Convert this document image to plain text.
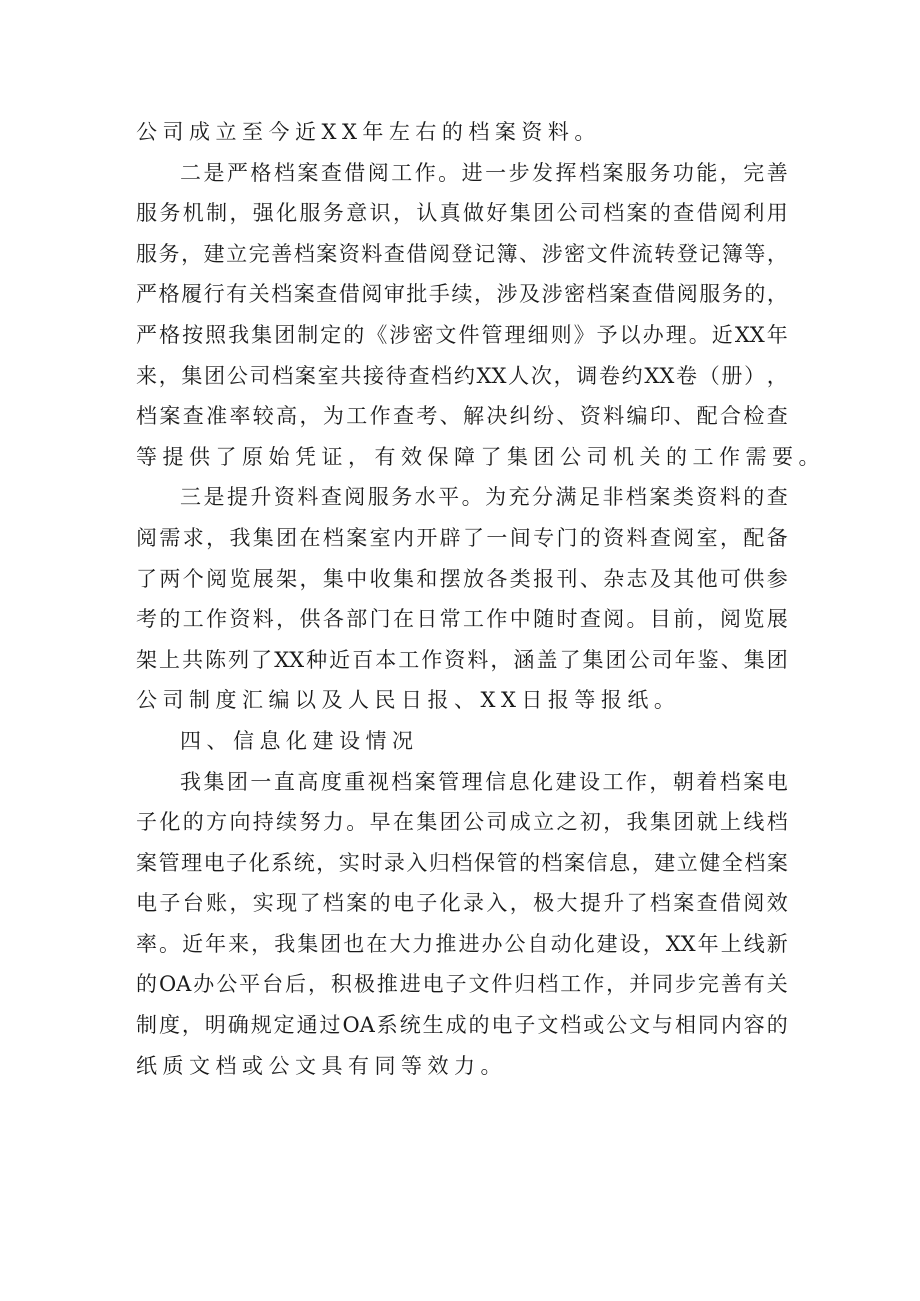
公司成立至今近XX年左右的档案资料。
二 是 严 格 档 案 查 借 阅 工 作 。 进 一 步 发 挥 档 案 服 务 功 能 ， 完 善
服 务 机 制 ， 强 化 服 务 意 识 ， 认 真 做 好 集 团 公 司 档 案 的 查 借 阅 利 用
服 务 ， 建 立 完 善 档 案 资 料 查 借 阅 登 记 簿 、 涉 密 文 件 流 转 登 记 簿 等 ，
严 格 履 行 有 关 档 案 查 借 阅 审 批 手 续 ， 涉 及 涉 密 档 案 查 借 阅 服 务 的 ，
严 格 按 照 我 集 团 制 定 的 《 涉 密 文 件 管 理 细 则 》 予 以 办 理 。 近 XX 年
来 ， 集 团 公 司 档 案 室 共 接 待 查 档 约 XX 人 次 ， 调 卷 约 XX 卷 （ 册 ） ，
档 案 查 准 率 较 高 ， 为 工 作 查 考 、 解 决 纠 纷 、 资 料 编 印 、 配 合 检 查
等提供了原始凭证，有效保障了集团公司机关的工作需要。
三 是 提 升 资 料 查 阅 服 务 水 平 。 为 充 分 满 足 非 档 案 类 资 料 的 查
阅 需 求 ， 我 集 团 在 档 案 室 内 开 辟 了 一 间 专 门 的 资 料 查 阅 室 ， 配 备
了 两 个 阅 览 展 架 ， 集 中 收 集 和 摆 放 各 类 报 刊 、 杂 志 及 其 他 可 供 参
考 的 工 作 资 料 ， 供 各 部 门 在 日 常 工 作 中 随 时 查 阅 。 目 前 ， 阅 览 展
架 上 共 陈 列 了 XX 种 近 百 本 工 作 资 料 ， 涵 盖 了 集 团 公 司 年 鉴 、 集 团
公司制度汇编以及人民日报、XX日报等报纸。
四、信息化建设情况
我 集 团 一 直 高 度 重 视 档 案 管 理 信 息 化 建 设 工 作 ， 朝 着 档 案 电
子 化 的 方 向 持 续 努 力 。 早 在 集 团 公 司 成 立 之 初 ， 我 集 团 就 上 线 档
案 管 理 电 子 化 系 统 ， 实 时 录 入 归 档 保 管 的 档 案 信 息 ， 建 立 健 全 档 案
电 子 台 账 ， 实 现 了 档 案 的 电 子 化 录 入 ， 极 大 提 升 了 档 案 查 借 阅 效
率 。 近 年 来 ， 我 集 团 也 在 大 力 推 进 办 公 自 动 化 建 设 ， XX 年 上 线 新
的 OA 办 公 平 台 后 ， 积 极 推 进 电 子 文 件 归 档 工 作 ， 并 同 步 完 善 有 关
制 度 ， 明 确 规 定 通 过 OA 系 统 生 成 的 电 子 文 档 或 公 文 与 相 同 内 容 的
纸质文档或公文具有同等效力。
